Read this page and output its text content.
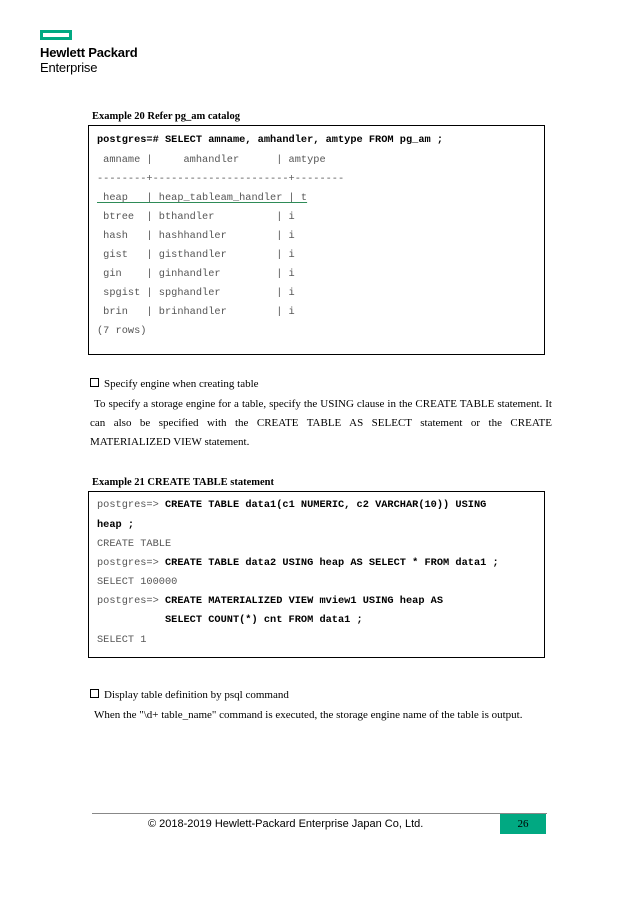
Hewlett Packard
Enterprise
Example 20 Refer pg_am catalog
postgres=# SELECT amname, amhandler, amtype FROM pg_am ;
amname |     amhandler      | amtype
--------+----------------------+--------
heap   | heap_tableam_handler | t
btree  | bthandler          | i
hash   | hashhandler        | i
gist   | gisthandler        | i
gin    | ginhandler         | i
spgist | spghandler         | i
brin   | brinhandler        | i
(7 rows)
Specify engine when creating table
To specify a storage engine for a table, specify the USING clause in the CREATE TABLE statement. It can also be specified with the CREATE TABLE AS SELECT statement or the CREATE MATERIALIZED VIEW statement.
Example 21 CREATE TABLE statement
postgres=> CREATE TABLE data1(c1 NUMERIC, c2 VARCHAR(10)) USING
heap ;
CREATE TABLE
postgres=> CREATE TABLE data2 USING heap AS SELECT * FROM data1 ;
SELECT 100000
postgres=> CREATE MATERIALIZED VIEW mview1 USING heap AS
SELECT COUNT(*) cnt FROM data1 ;
SELECT 1
Display table definition by psql command
When the "\d+ table_name" command is executed, the storage engine name of the table is output.
© 2018-2019 Hewlett-Packard Enterprise Japan Co, Ltd.	26
